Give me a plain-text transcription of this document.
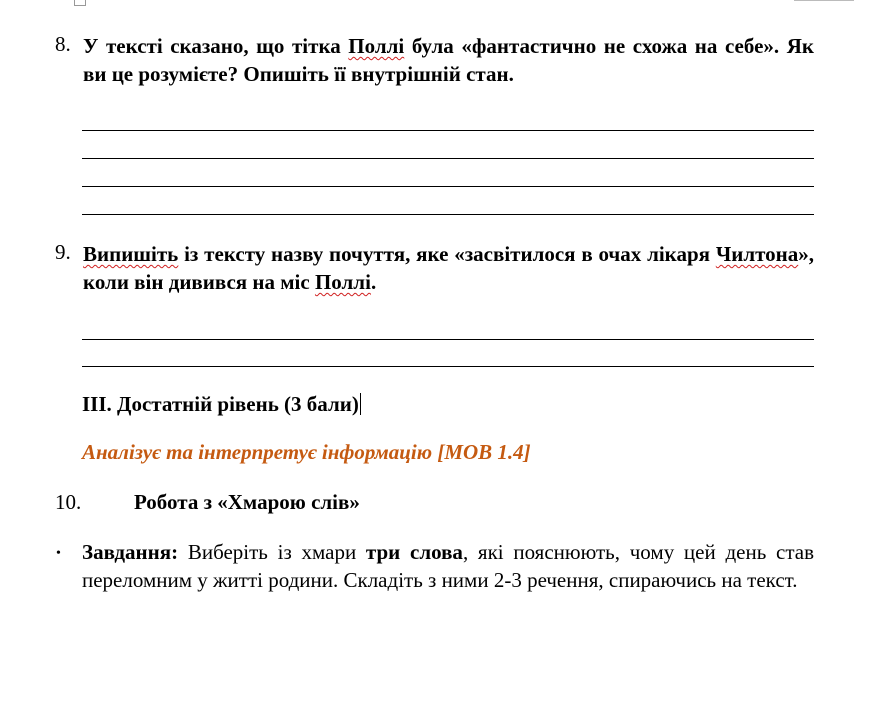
8. У тексті сказано, що тітка Поллі була «фантастично не схожа на себе». Як ви це розумієте? Опишіть її внутрішній стан.
9. Випишіть із тексту назву почуття, яке «засвітилося в очах лікаря Чилтона», коли він дивився на міс Поллі.
ІІІ. Достатній рівень (3 бали)
Аналізує та інтерпретує інформацію [МОВ 1.4]
10.	Робота з «Хмарою слів»
• Завдання: Виберіть із хмари три слова, які пояснюють, чому цей день став переломним у житті родини. Складіть з ними 2-3 речення, спираючись на текст.
